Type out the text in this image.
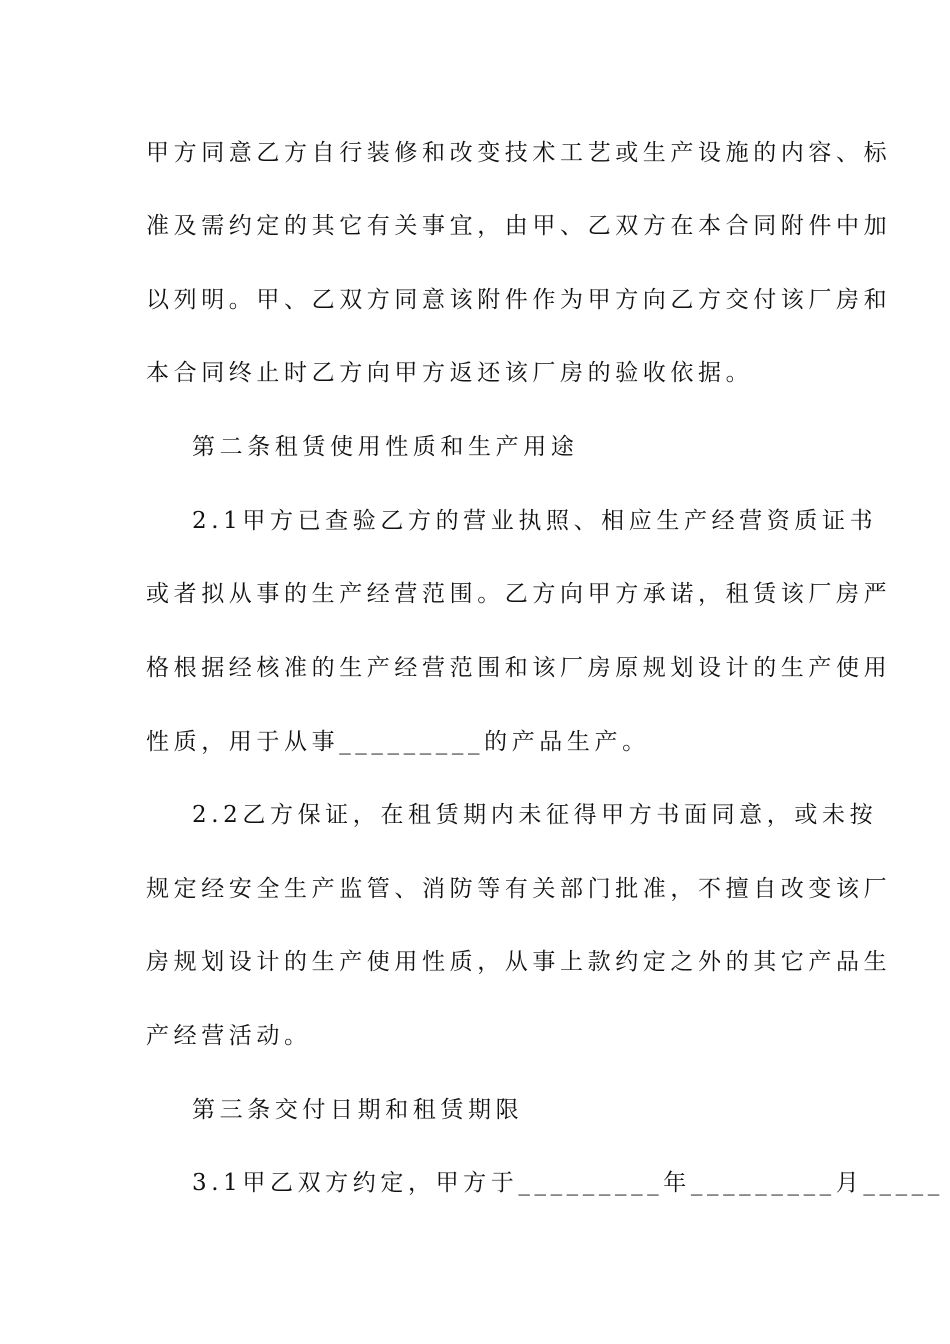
甲方同意乙方自行装修和改变技术工艺或生产设施的内容、标
准及需约定的其它有关事宜，由甲、乙双方在本合同附件中加
以列明。甲、乙双方同意该附件作为甲方向乙方交付该厂房和
本合同终止时乙方向甲方返还该厂房的验收依据。
第二条租赁使用性质和生产用途
2.1甲方已查验乙方的营业执照、相应生产经营资质证书
或者拟从事的生产经营范围。乙方向甲方承诺，租赁该厂房严
格根据经核准的生产经营范围和该厂房原规划设计的生产使用
性质，用于从事_________的产品生产。
2.2乙方保证，在租赁期内未征得甲方书面同意，或未按
规定经安全生产监管、消防等有关部门批准，不擅自改变该厂
房规划设计的生产使用性质，从事上款约定之外的其它产品生
产经营活动。
第三条交付日期和租赁期限
3.1甲乙双方约定，甲方于_________年_________月_____
